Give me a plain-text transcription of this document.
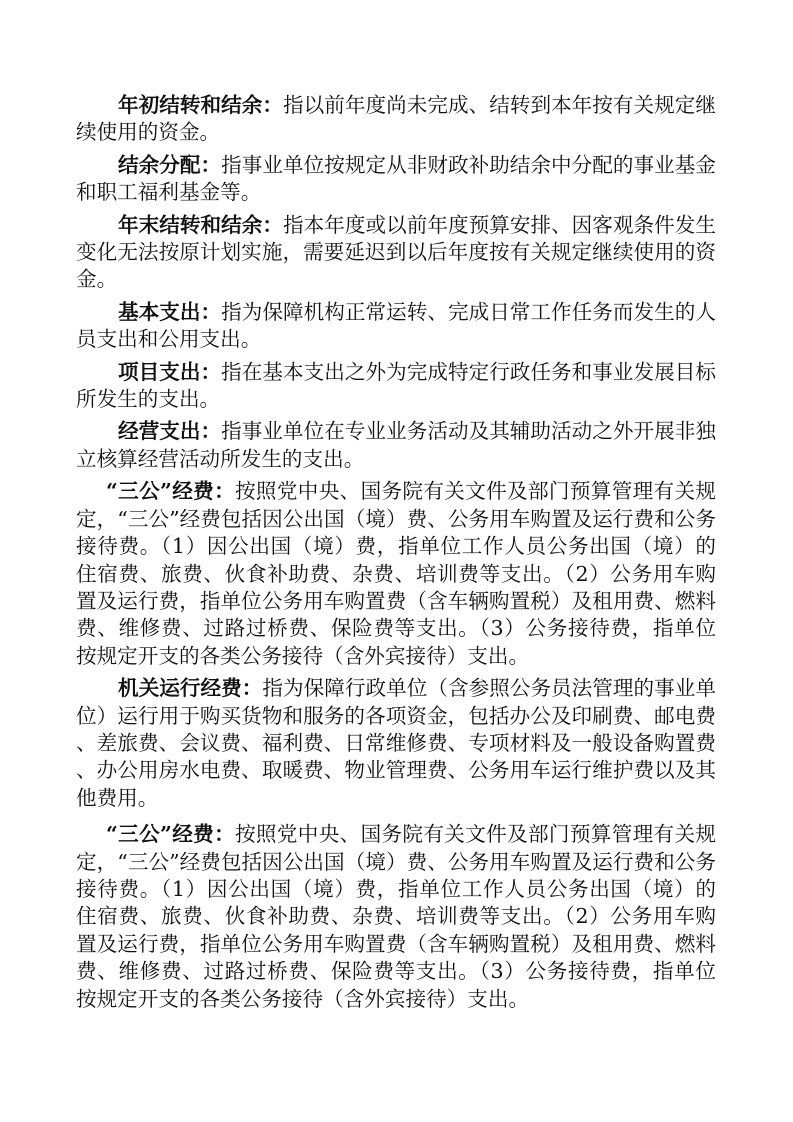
年初结转和结余：指以前年度尚未完成、结转到本年按有关规定继续使用的资金。

结余分配：指事业单位按规定从非财政补助结余中分配的事业基金和职工福利基金等。

年末结转和结余：指本年度或以前年度预算安排、因客观条件发生变化无法按原计划实施，需要延迟到以后年度按有关规定继续使用的资金。

基本支出：指为保障机构正常运转、完成日常工作任务而发生的人员支出和公用支出。

项目支出：指在基本支出之外为完成特定行政任务和事业发展目标所发生的支出。

经营支出：指事业单位在专业业务活动及其辅助活动之外开展非独立核算经营活动所发生的支出。

“三公”经费：按照党中央、国务院有关文件及部门预算管理有关规定，“三公”经费包括因公出国（境）费、公务用车购置及运行费和公务接待费。（1）因公出国（境）费，指单位工作人员公务出国（境）的住宿费、旅费、伙食补助费、杂费、培训费等支出。（2）公务用车购置及运行费，指单位公务用车购置费（含车辆购置税）及租用费、燃料费、维修费、过路过桥费、保险费等支出。（3）公务接待费，指单位按规定开支的各类公务接待（含外宾接待）支出。

机关运行经费：指为保障行政单位（含参照公务员法管理的事业单位）运行用于购买货物和服务的各项资金，包括办公及印刷费、邮电费、差旅费、会议费、福利费、日常维修费、专项材料及一般设备购置费、办公用房水电费、取暖费、物业管理费、公务用车运行维护费以及其他费用。

“三公”经费：按照党中央、国务院有关文件及部门预算管理有关规定，“三公”经费包括因公出国（境）费、公务用车购置及运行费和公务接待费。（1）因公出国（境）费，指单位工作人员公务出国（境）的住宿费、旅费、伙食补助费、杂费、培训费等支出。（2）公务用车购置及运行费，指单位公务用车购置费（含车辆购置税）及租用费、燃料费、维修费、过路过桥费、保险费等支出。（3）公务接待费，指单位按规定开支的各类公务接待（含外宾接待）支出。
